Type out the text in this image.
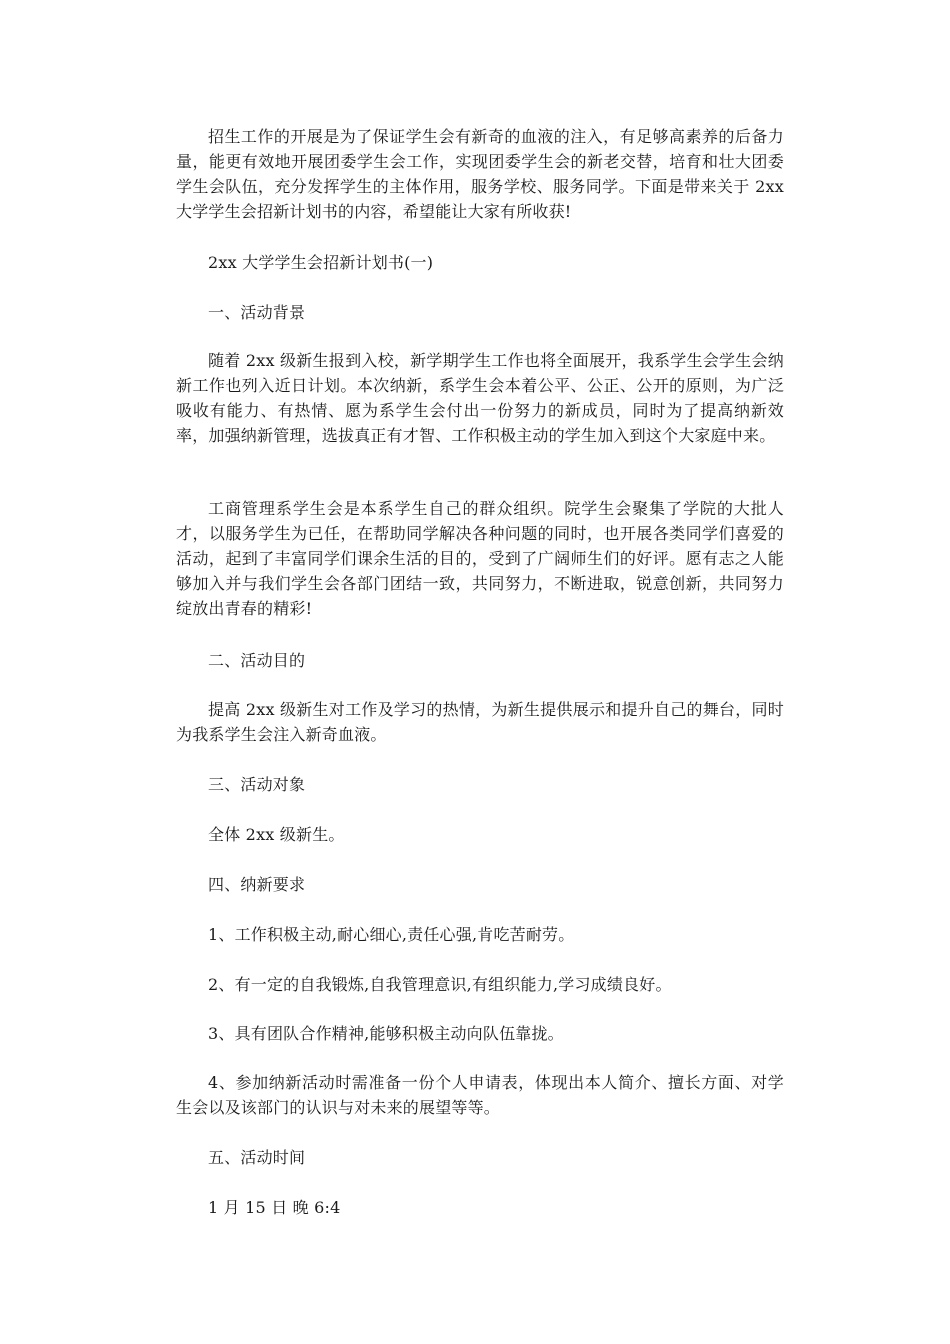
招生工作的开展是为了保证学生会有新奇的血液的注入，有足够高素养的后备力量，能更有效地开展团委学生会工作，实现团委学生会的新老交替，培育和壮大团委学生会队伍，充分发挥学生的主体作用，服务学校、服务同学。下面是带来关于 2xx 大学学生会招新计划书的内容，希望能让大家有所收获!

2xx 大学学生会招新计划书(一)

一、活动背景

随着 2xx 级新生报到入校，新学期学生工作也将全面展开，我系学生会学生会纳新工作也列入近日计划。本次纳新，系学生会本着公平、公正、公开的原则，为广泛吸收有能力、有热情、愿为系学生会付出一份努力的新成员，同时为了提高纳新效率，加强纳新管理，选拔真正有才智、工作积极主动的学生加入到这个大家庭中来。

工商管理系学生会是本系学生自己的群众组织。院学生会聚集了学院的大批人才，以服务学生为已任，在帮助同学解决各种问题的同时，也开展各类同学们喜爱的活动，起到了丰富同学们课余生活的目的，受到了广阔师生们的好评。愿有志之人能够加入并与我们学生会各部门团结一致，共同努力，不断进取，锐意创新，共同努力绽放出青春的精彩!

二、活动目的

提高 2xx 级新生对工作及学习的热情，为新生提供展示和提升自己的舞台，同时为我系学生会注入新奇血液。

三、活动对象

全体 2xx 级新生。

四、纳新要求

1、工作积极主动,耐心细心,责任心强,肯吃苦耐劳。

2、有一定的自我锻炼,自我管理意识,有组织能力,学习成绩良好。

3、具有团队合作精神,能够积极主动向队伍靠拢。

4、参加纳新活动时需准备一份个人申请表，体现出本人简介、擅长方面、对学生会以及该部门的认识与对未来的展望等等。

五、活动时间

1 月 15 日 晚 6:4
